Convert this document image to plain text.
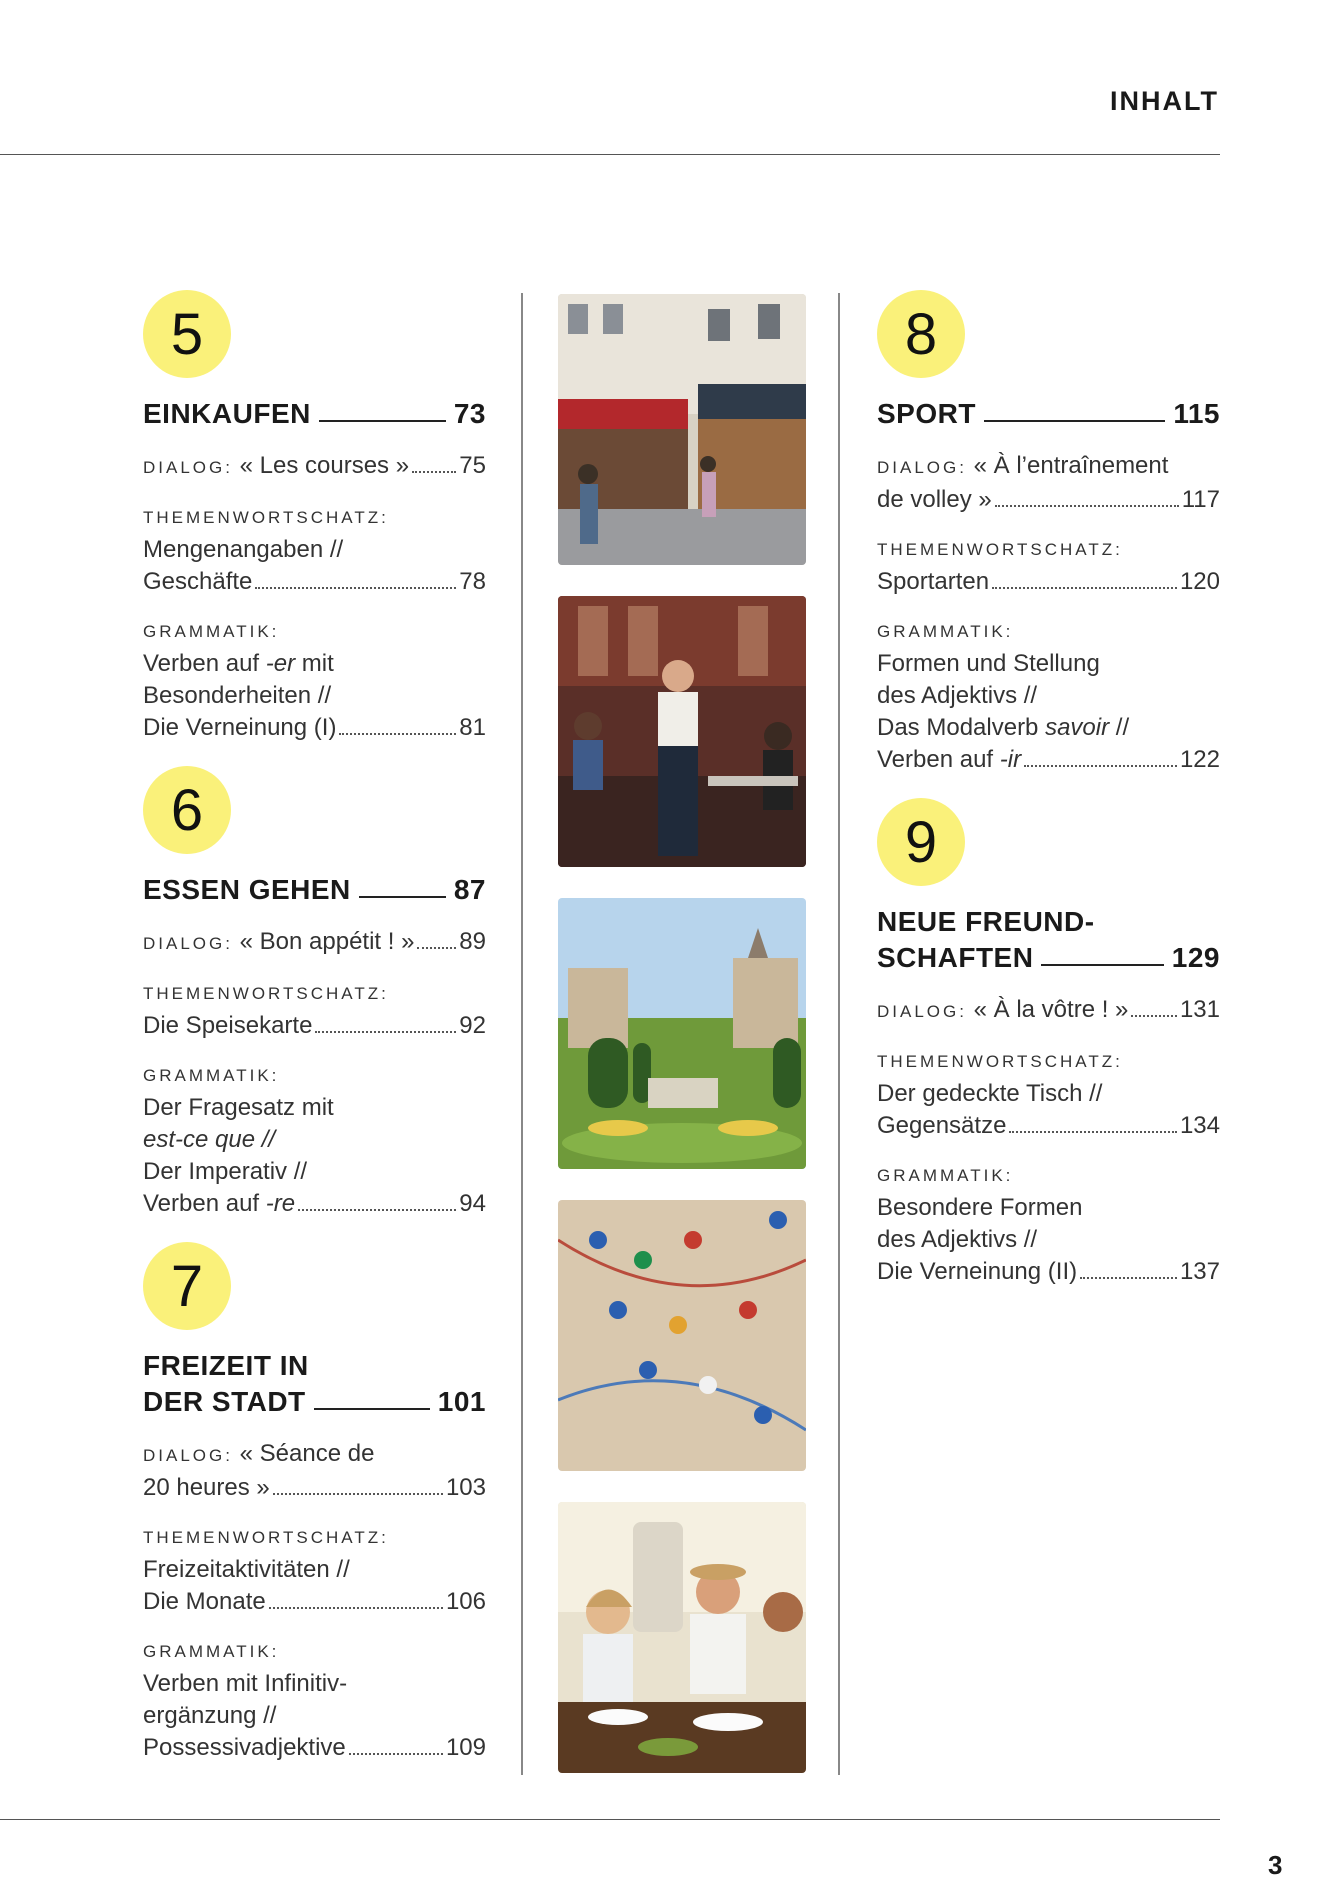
INHALT
5
EINKAUFEN	73
DIALOG: « Les courses » 75
THEMENWORTSCHATZ:
Mengenangaben //
Geschäfte	78
GRAMMATIK:
Verben auf -er mit
Besonderheiten //
Die Verneinung (I)	81
6
ESSEN GEHEN	87
DIALOG: « Bon appétit ! » 89
THEMENWORTSCHATZ:
Die Speisekarte	92
GRAMMATIK:
Der Fragesatz mit
est-ce que //
Der Imperativ //
Verben auf -re	94
7
FREIZEIT IN
DER STADT	101
DIALOG: « Séance de
20 heures »	103
THEMENWORTSCHATZ:
Freizeitaktivitäten //
Die Monate	106
GRAMMATIK:
Verben mit Infinitiv-
ergänzung //
Possessivadjektive	109
8
SPORT	115
DIALOG: « À l’entraînement
de volley »	117
THEMENWORTSCHATZ:
Sportarten	120
GRAMMATIK:
Formen und Stellung
des Adjektivs //
Das Modalverb savoir //
Verben auf -ir	122
9
NEUE FREUND-
SCHAFTEN	129
DIALOG: « À la vôtre ! » 131
THEMENWORTSCHATZ:
Der gedeckte Tisch //
Gegensätze	134
GRAMMATIK:
Besondere Formen
des Adjektivs //
Die Verneinung (II)	137
3
